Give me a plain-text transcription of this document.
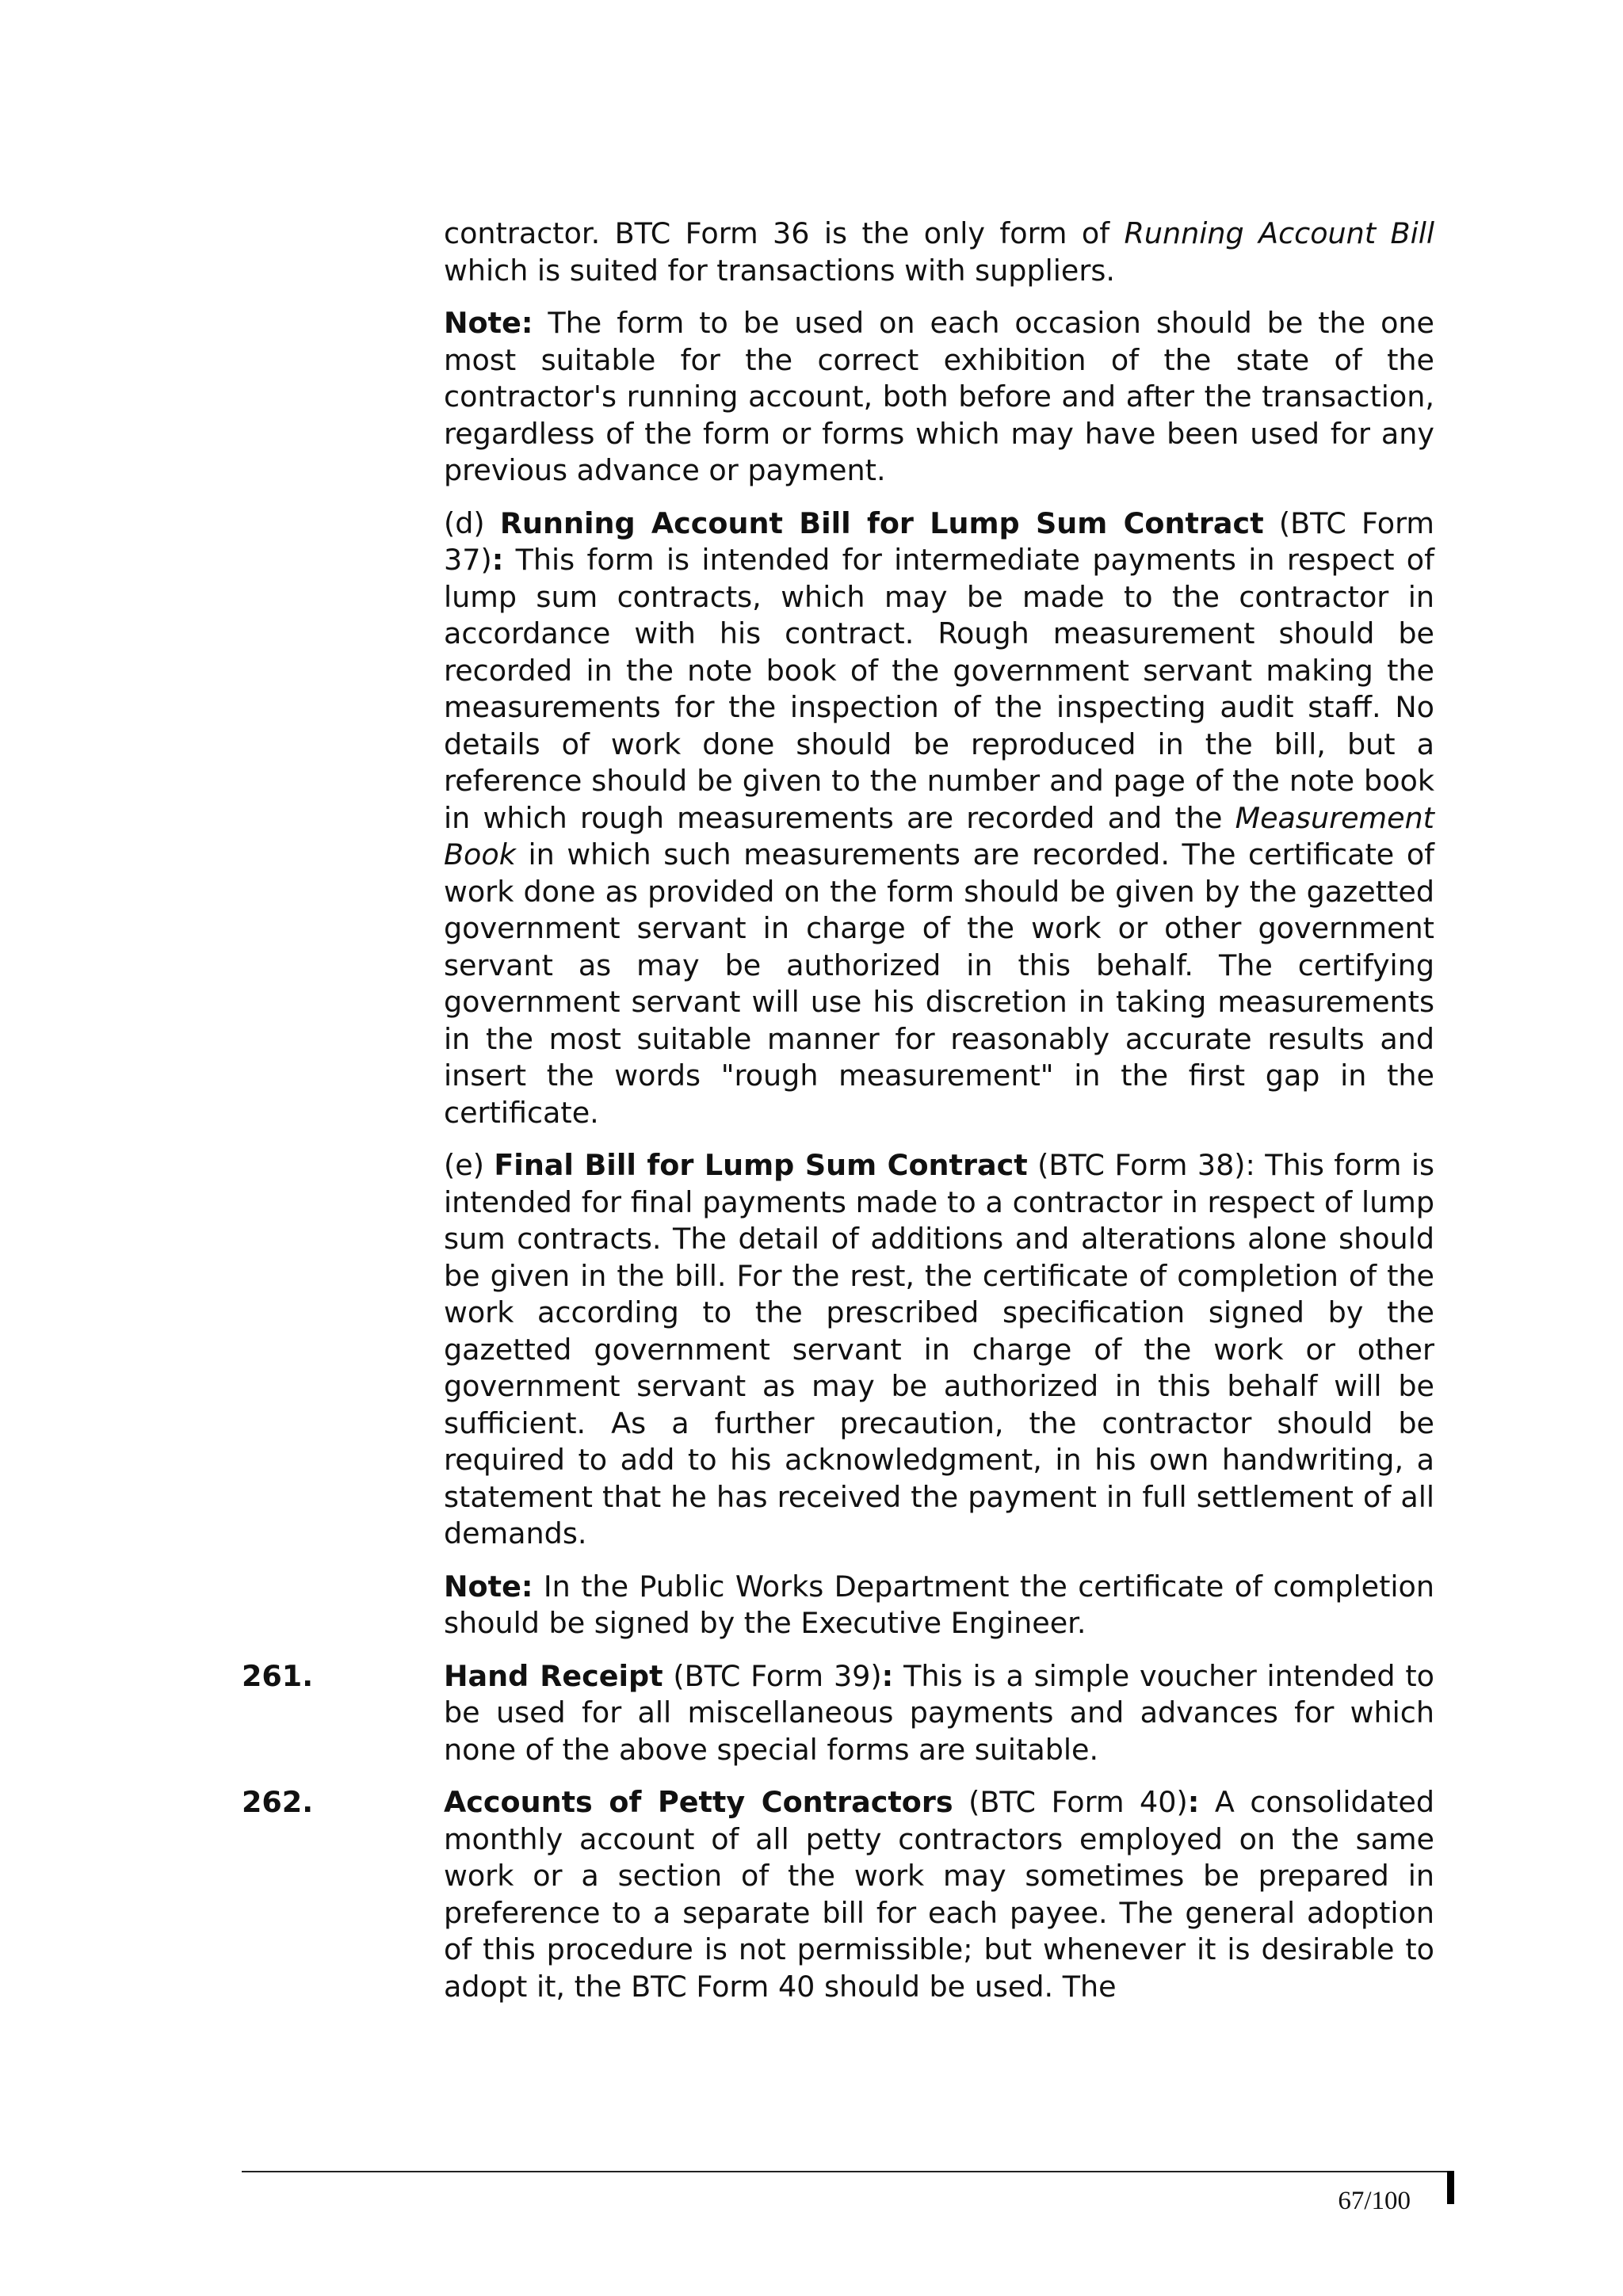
contractor. BTC Form 36 is the only form of Running Account Bill which is suited for transactions with suppliers.

Note: The form to be used on each occasion should be the one most suitable for the correct exhibition of the state of the contractor's running account, both before and after the transaction, regardless of the form or forms which may have been used for any previous advance or payment.

(d) Running Account Bill for Lump Sum Contract (BTC Form 37): This form is intended for intermediate payments in respect of lump sum contracts, which may be made to the contractor in accordance with his contract. Rough measurement should be recorded in the note book of the government servant making the measurements for the inspection of the inspecting audit staff. No details of work done should be reproduced in the bill, but a reference should be given to the number and page of the note book in which rough measurements are recorded and the Measurement Book in which such measurements are recorded. The certificate of work done as provided on the form should be given by the gazetted government servant in charge of the work or other government servant as may be authorized in this behalf. The certifying government servant will use his discretion in taking measurements in the most suitable manner for reasonably accurate results and insert the words "rough measurement" in the first gap in the certificate.

(e) Final Bill for Lump Sum Contract (BTC Form 38): This form is intended for final payments made to a contractor in respect of lump sum contracts. The detail of additions and alterations alone should be given in the bill. For the rest, the certificate of completion of the work according to the prescribed specification signed by the gazetted government servant in charge of the work or other government servant as may be authorized in this behalf will be sufficient. As a further precaution, the contractor should be required to add to his acknowledgment, in his own handwriting, a statement that he has received the payment in full settlement of all demands.

Note: In the Public Works Department the certificate of completion should be signed by the Executive Engineer.

261.	Hand Receipt (BTC Form 39): This is a simple voucher intended to be used for all miscellaneous payments and advances for which none of the above special forms are suitable.

262.	Accounts of Petty Contractors (BTC Form 40): A consolidated monthly account of all petty contractors employed on the same work or a section of the work may sometimes be prepared in preference to a separate bill for each payee. The general adoption of this procedure is not permissible; but whenever it is desirable to adopt it, the BTC Form 40 should be used. The

67/100
